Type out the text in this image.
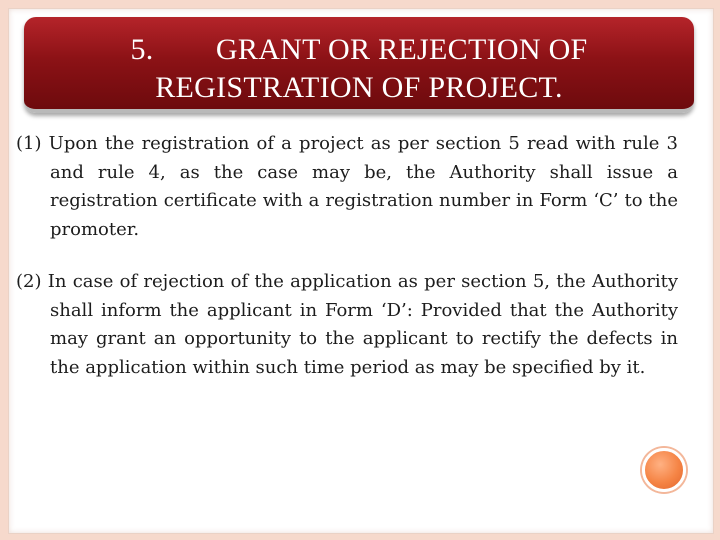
5.        GRANT OR REJECTION OF
REGISTRATION OF PROJECT.

(1) Upon the registration of a project as per section 5 read with rule 3 and rule 4, as the case may be, the Authority shall issue a registration certificate with a registration number in Form ‘C’ to the promoter.

(2) In case of rejection of the application as per section 5, the Authority shall inform the applicant in Form ‘D’: Provided that the Authority may grant an opportunity to the applicant to rectify the defects in the application within such time period as may be specified by it.
